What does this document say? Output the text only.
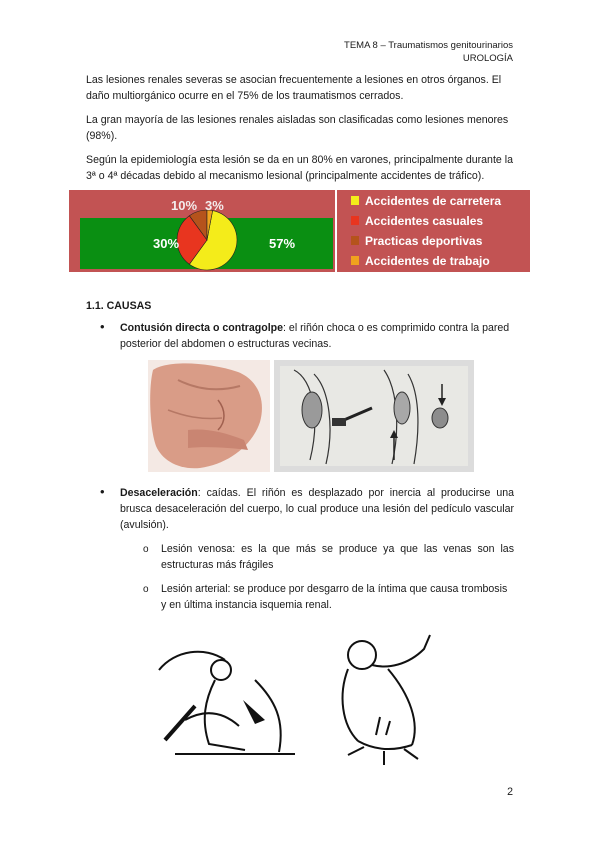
TEMA 8 – Traumatismos genitourinarios
UROLOGÍA
Las lesiones renales severas se asocian frecuentemente a lesiones en otros órganos. El daño multiorgánico ocurre en el 75% de los traumatismos cerrados.
La gran mayoría de las lesiones renales aisladas son clasificadas como lesiones menores (98%).
Según la epidemiología esta lesión se da en un 80% en varones, principalmente durante la 3ª o 4ª décadas debido al mecanismo lesional (principalmente accidentes de tráfico).
57%
30%
10% 3%	Accidentes de carretera
Accidentes casuales
Practicas deportivas
Accidentes de trabajo
1.1. CAUSAS
• Contusión directa o contragolpe: el riñón choca o es comprimido contra la pared posterior del abdomen o estructuras vecinas.
• Desaceleración: caídas. El riñón es desplazado por inercia al producirse una brusca desaceleración del cuerpo, lo cual produce una lesión del pedículo vascular (avulsión).
o Lesión venosa: es la que más se produce ya que las venas son las estructuras más frágiles
o Lesión arterial: se produce por desgarro de la íntima que causa trombosis y en última instancia isquemia renal.
2
